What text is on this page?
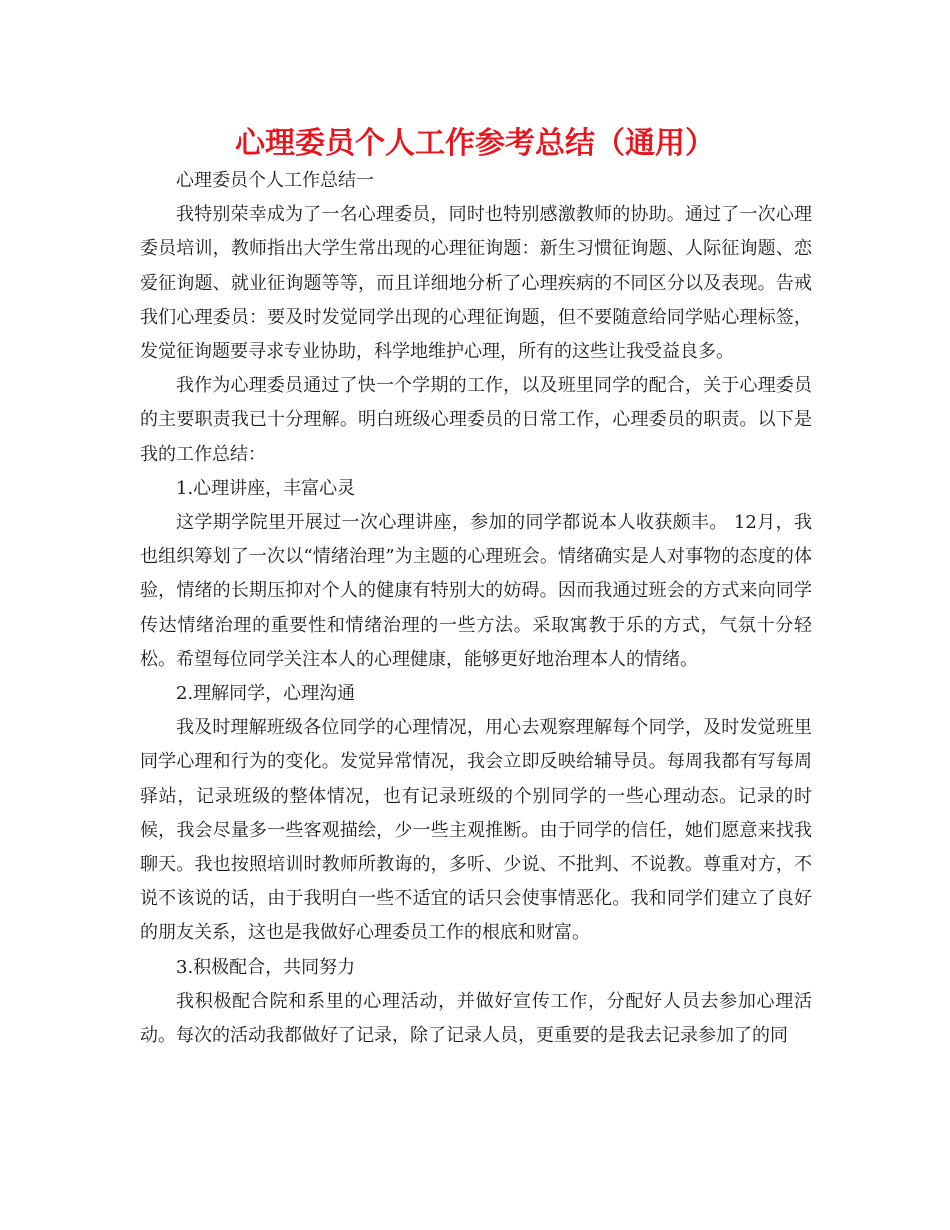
心理委员个人工作参考总结（通用）

心理委员个人工作总结一

我特别荣幸成为了一名心理委员，同时也特别感激教师的协助。通过了一次心理委员培训，教师指出大学生常出现的心理征询题：新生习惯征询题、人际征询题、恋爱征询题、就业征询题等等，而且详细地分析了心理疾病的不同区分以及表现。告戒我们心理委员：要及时发觉同学出现的心理征询题，但不要随意给同学贴心理标签，发觉征询题要寻求专业协助，科学地维护心理，所有的这些让我受益良多。

我作为心理委员通过了快一个学期的工作，以及班里同学的配合，关于心理委员的主要职责我已十分理解。明白班级心理委员的日常工作，心理委员的职责。以下是我的工作总结：

1.心理讲座，丰富心灵

这学期学院里开展过一次心理讲座，参加的同学都说本人收获颇丰。 12月，我也组织筹划了一次以“情绪治理”为主题的心理班会。情绪确实是人对事物的态度的体验，情绪的长期压抑对个人的健康有特别大的妨碍。因而我通过班会的方式来向同学传达情绪治理的重要性和情绪治理的一些方法。采取寓教于乐的方式，气氛十分轻松。希望每位同学关注本人的心理健康，能够更好地治理本人的情绪。

2.理解同学，心理沟通

我及时理解班级各位同学的心理情况，用心去观察理解每个同学，及时发觉班里同学心理和行为的变化。发觉异常情况，我会立即反映给辅导员。每周我都有写每周驿站，记录班级的整体情况，也有记录班级的个别同学的一些心理动态。记录的时候，我会尽量多一些客观描绘，少一些主观推断。由于同学的信任，她们愿意来找我聊天。我也按照培训时教师所教诲的，多听、少说、不批判、不说教。尊重对方，不说不该说的话，由于我明白一些不适宜的话只会使事情恶化。我和同学们建立了良好的朋友关系，这也是我做好心理委员工作的根底和财富。

3.积极配合，共同努力

我积极配合院和系里的心理活动，并做好宣传工作，分配好人员去参加心理活动。每次的活动我都做好了记录，除了记录人员，更重要的是我去记录参加了的同
